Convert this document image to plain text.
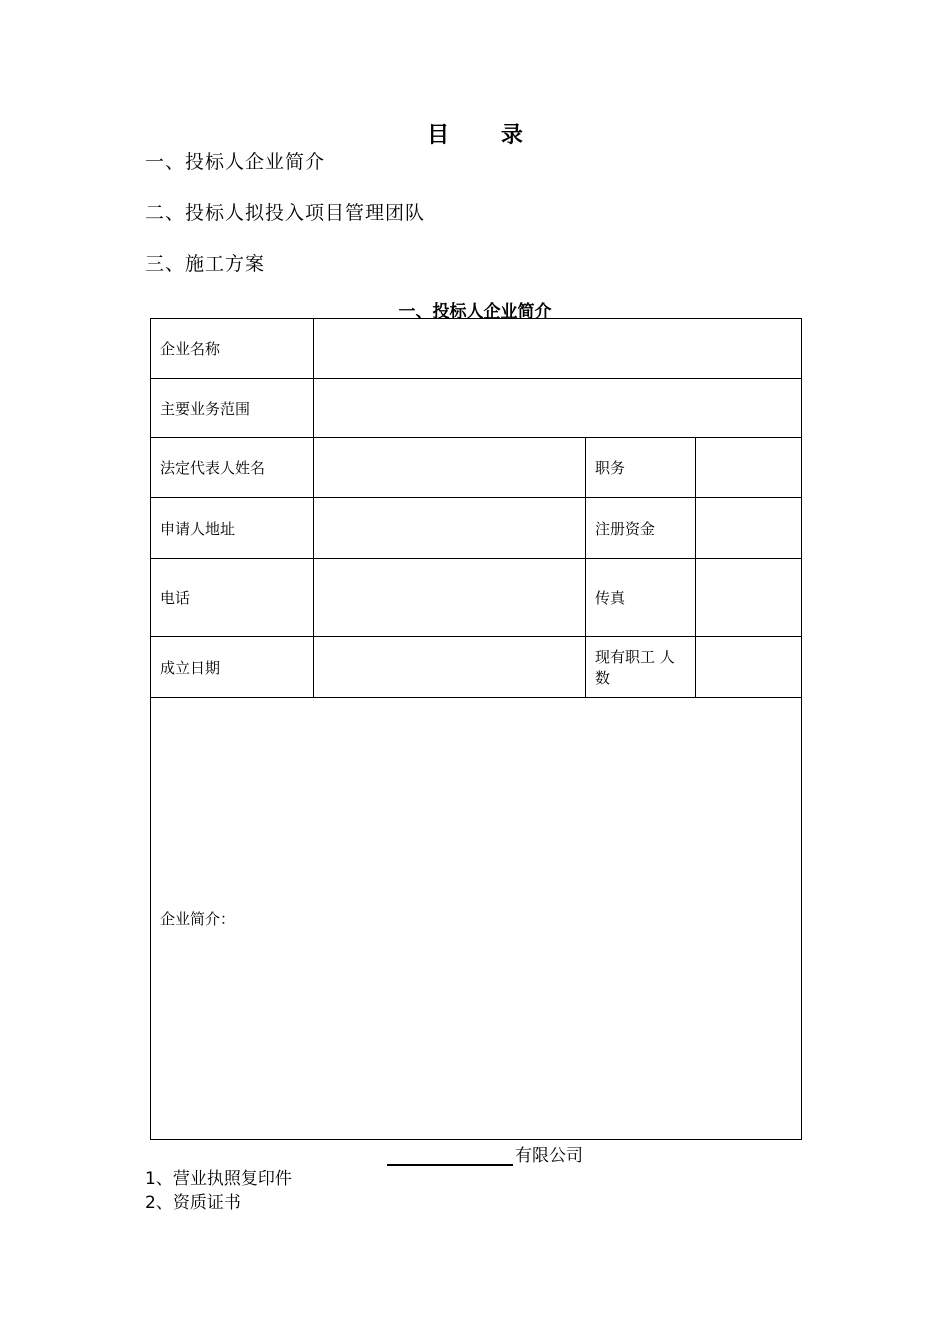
目 录
一、投标人企业简介
二、投标人拟投入项目管理团队
三、施工方案
一、投标人企业简介
企业名称			
主要业务范围			
法定代表人姓名		职务	
申请人地址		注册资金	
电话		传真	
成立日期		现有职工 人数	
企业简介：			
有限公司
1、营业执照复印件
2、资质证书
